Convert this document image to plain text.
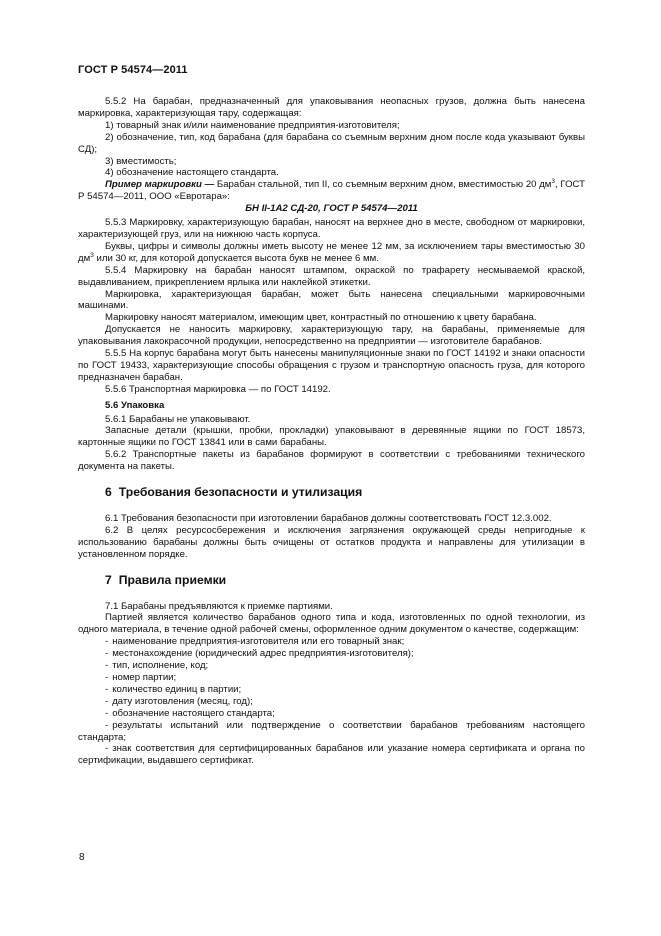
ГОСТ Р 54574—2011

5.5.2 На барабан, предназначенный для упаковывания неопасных грузов, должна быть нанесена маркировка, характеризующая тару, содержащая:

1) товарный знак и/или наименование предприятия-изготовителя;

2) обозначение, тип, код барабана (для барабана со съемным верхним дном после кода указывают буквы СД);

3) вместимость;

4) обозначение настоящего стандарта.

Пример маркировки — Барабан стальной, тип II, со съемным верхним дном, вместимостью 20 $дм^3$, ГОСТ Р 54574—2011, ООО «Евротара»:

БН II-1А2 СД-20, ГОСТ Р 54574—2011

5.5.3 Маркировку, характеризующую барабан, наносят на верхнее дно в месте, свободном от маркировки, характеризующей груз, или на нижнюю часть корпуса.

Буквы, цифры и символы должны иметь высоту не менее 12 мм, за исключением тары вместимостью 30 $дм^3$ или 30 кг, для которой допускается высота букв не менее 6 мм.

5.5.4 Маркировку на барабан наносят штампом, окраской по трафарету несмываемой краской, выдавливанием, прикреплением ярлыка или наклейкой этикетки.

Маркировка, характеризующая барабан, может быть нанесена специальными маркировочными машинами.

Маркировку наносят материалом, имеющим цвет, контрастный по отношению к цвету барабана.

Допускается не наносить маркировку, характеризующую тару, на барабаны, применяемые для упаковывания лакокрасочной продукции, непосредственно на предприятии — изготовителе барабанов.

5.5.5 На корпус барабана могут быть нанесены манипуляционные знаки по ГОСТ 14192 и знаки опасности по ГОСТ 19433, характеризующие способы обращения с грузом и транспортную опасность груза, для которого предназначен барабан.

5.5.6 Транспортная маркировка — по ГОСТ 14192.

5.6 Упаковка

5.6.1 Барабаны не упаковывают.

Запасные детали (крышки, пробки, прокладки) упаковывают в деревянные ящики по ГОСТ 18573, картонные ящики по ГОСТ 13841 или в сами барабаны.

5.6.2 Транспортные пакеты из барабанов формируют в соответствии с требованиями технического документа на пакеты.

6 Требования безопасности и утилизация

6.1 Требования безопасности при изготовлении барабанов должны соответствовать ГОСТ 12.3.002.

6.2 В целях ресурсосбережения и исключения загрязнения окружающей среды непригодные к использованию барабаны должны быть очищены от остатков продукта и направлены для утилизации в установленном порядке.

7 Правила приемки

7.1 Барабаны предъявляются к приемке партиями.

Партией является количество барабанов одного типа и кода, изготовленных по одной технологии, из одного материала, в течение одной рабочей смены, оформленное одним документом о качестве, содержащим:

- наименование предприятия-изготовителя или его товарный знак;

- местонахождение (юридический адрес предприятия-изготовителя);

- тип, исполнение, код;

- номер партии;

- количество единиц в партии;

- дату изготовления (месяц, год);

- обозначение настоящего стандарта;

- результаты испытаний или подтверждение о соответствии барабанов требованиям настоящего стандарта;

- знак соответствия для сертифицированных барабанов или указание номера сертификата и органа по сертификации, выдавшего сертификат.

8
